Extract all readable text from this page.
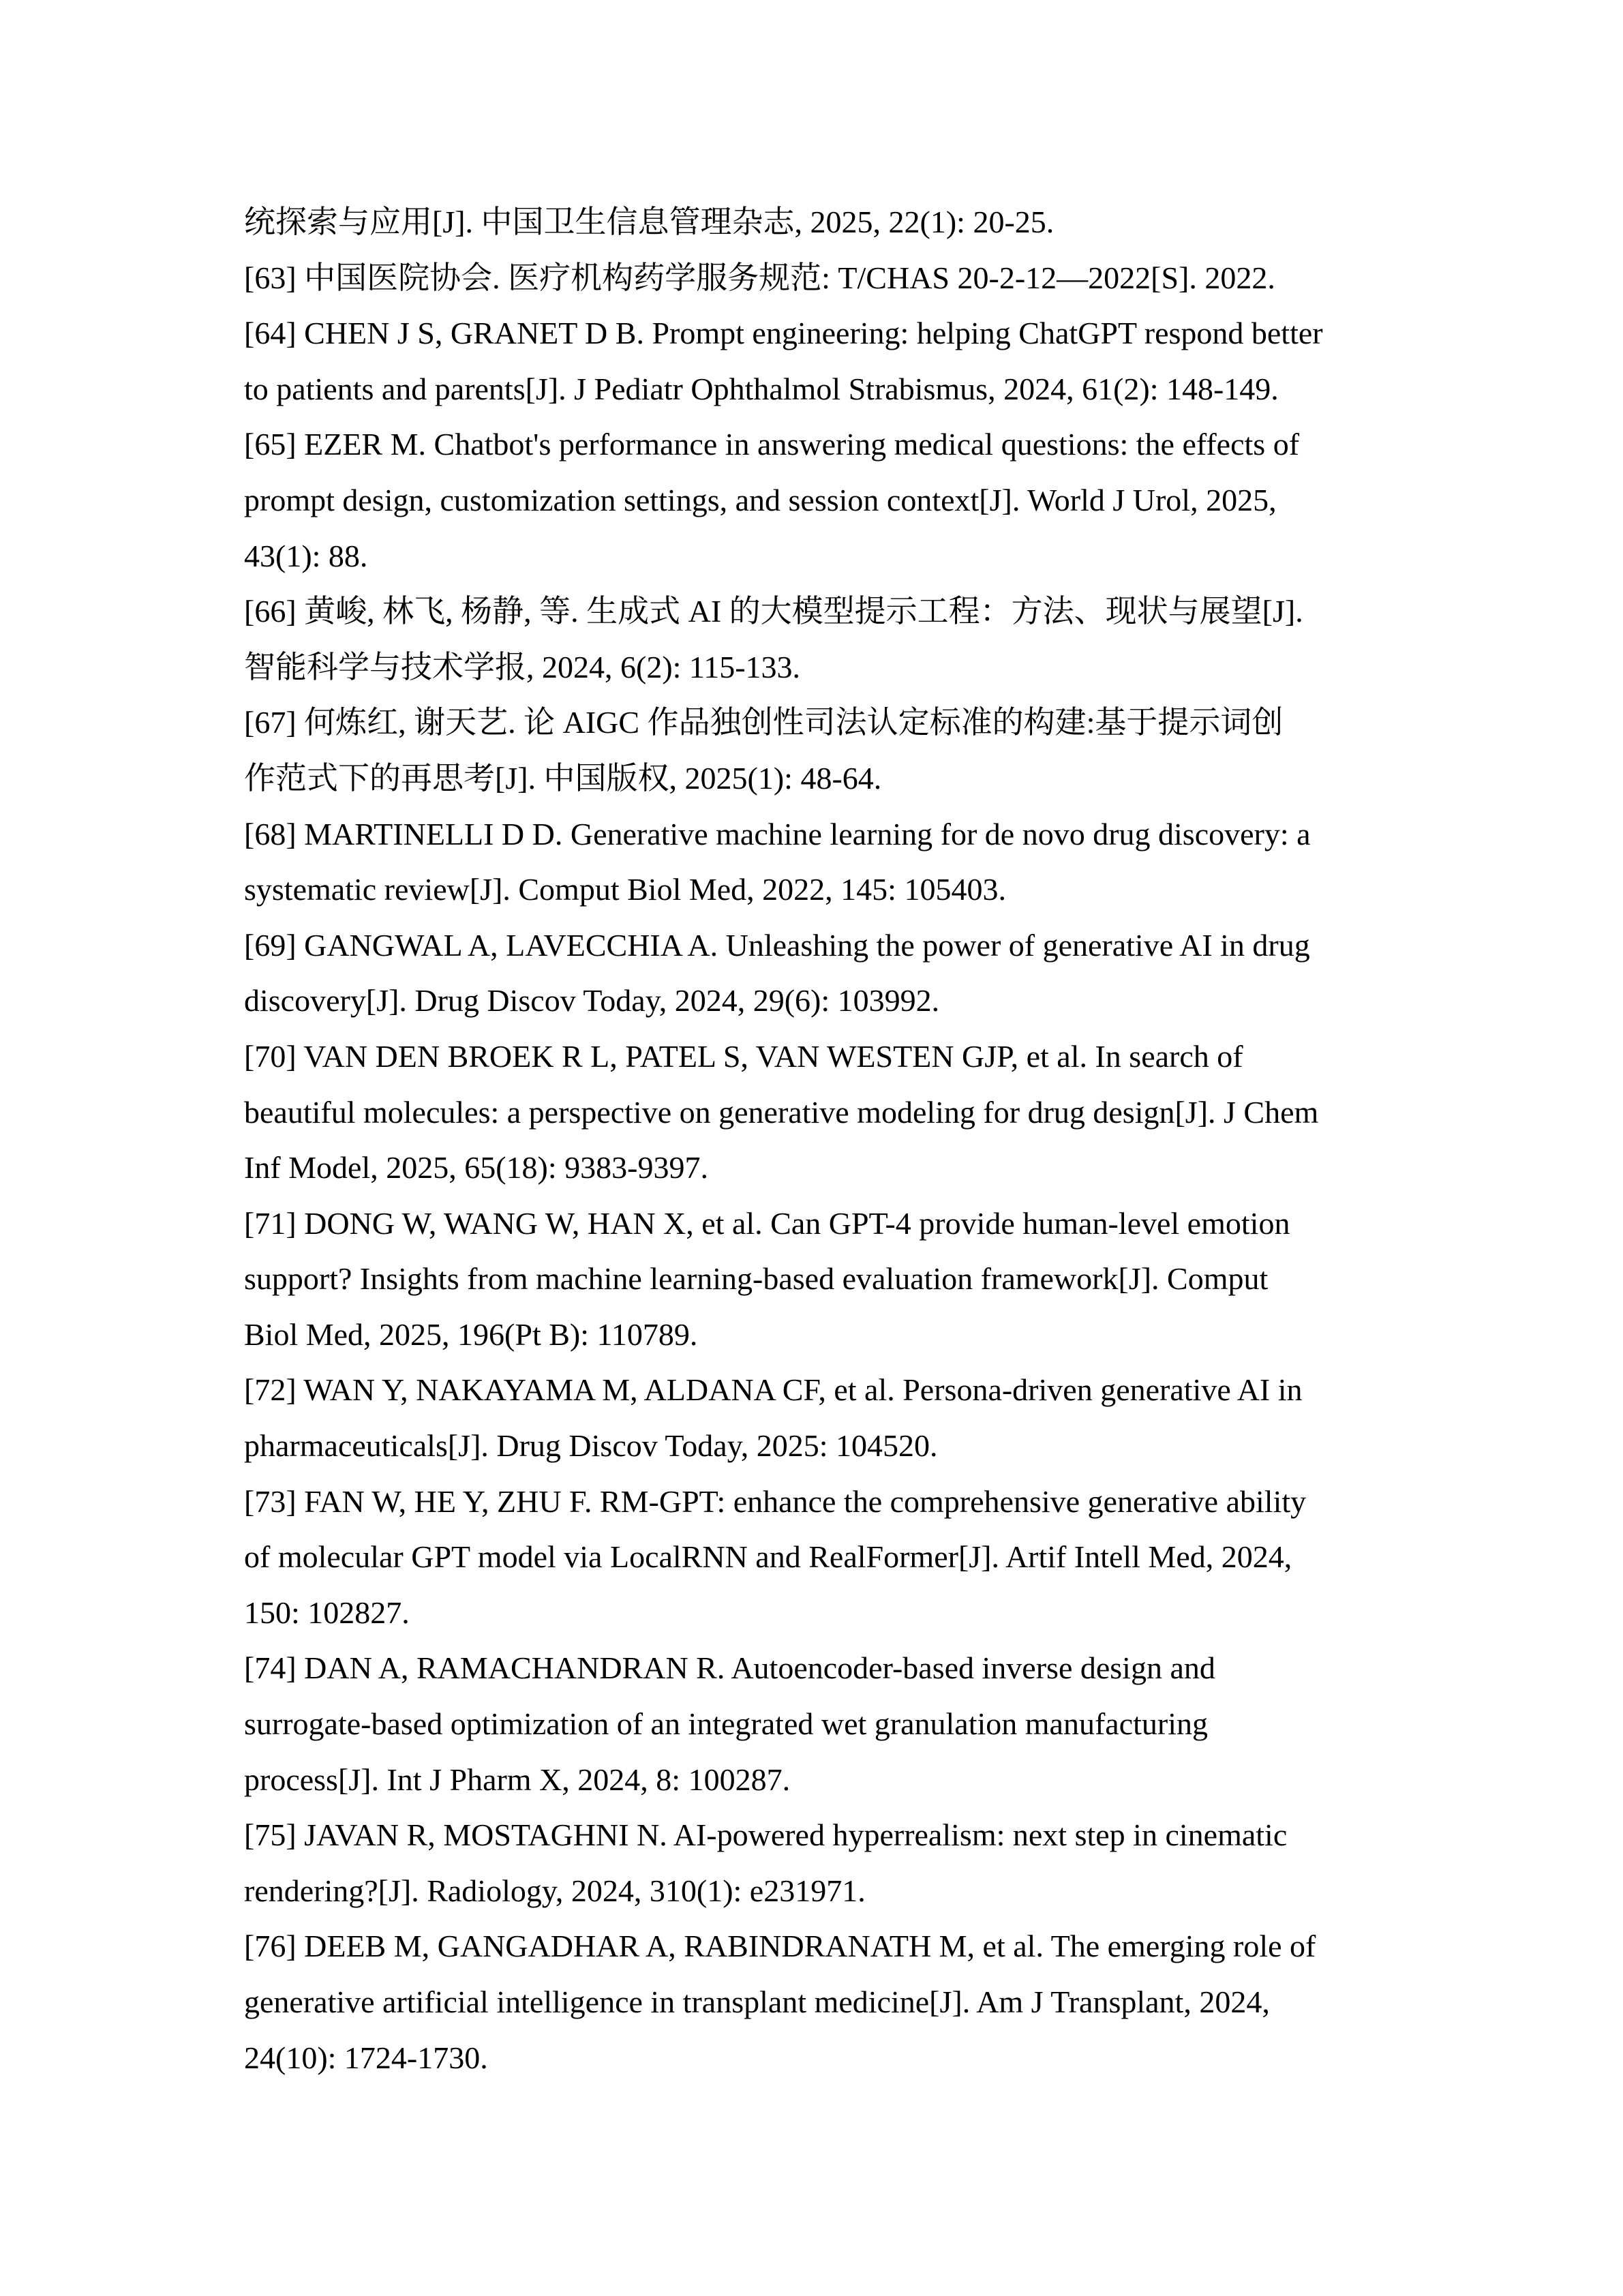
统探索与应用[J]. 中国卫生信息管理杂志, 2025, 22(1): 20-25.
[63] 中国医院协会. 医疗机构药学服务规范: T/CHAS 20-2-12—2022[S]. 2022.
[64] CHEN J S, GRANET D B. Prompt engineering: helping ChatGPT respond better
to patients and parents[J]. J Pediatr Ophthalmol Strabismus, 2024, 61(2): 148-149.
[65] EZER M. Chatbot's performance in answering medical questions: the effects of
prompt design, customization settings, and session context[J]. World J Urol, 2025,
43(1): 88.
[66] 黄峻, 林飞, 杨静, 等. 生成式 AI 的大模型提示工程：方法、现状与展望[J].
智能科学与技术学报, 2024, 6(2): 115-133.
[67] 何炼红, 谢天艺. 论 AIGC 作品独创性司法认定标准的构建:基于提示词创
作范式下的再思考[J]. 中国版权, 2025(1): 48-64.
[68] MARTINELLI D D. Generative machine learning for de novo drug discovery: a
systematic review[J]. Comput Biol Med, 2022, 145: 105403.
[69] GANGWAL A, LAVECCHIA A. Unleashing the power of generative AI in drug
discovery[J]. Drug Discov Today, 2024, 29(6): 103992.
[70] VAN DEN BROEK R L, PATEL S, VAN WESTEN GJP, et al. In search of
beautiful molecules: a perspective on generative modeling for drug design[J]. J Chem
Inf Model, 2025, 65(18): 9383-9397.
[71] DONG W, WANG W, HAN X, et al. Can GPT-4 provide human-level emotion
support? Insights from machine learning-based evaluation framework[J]. Comput
Biol Med, 2025, 196(Pt B): 110789.
[72] WAN Y, NAKAYAMA M, ALDANA CF, et al. Persona-driven generative AI in
pharmaceuticals[J]. Drug Discov Today, 2025: 104520.
[73] FAN W, HE Y, ZHU F. RM-GPT: enhance the comprehensive generative ability
of molecular GPT model via LocalRNN and RealFormer[J]. Artif Intell Med, 2024,
150: 102827.
[74] DAN A, RAMACHANDRAN R. Autoencoder-based inverse design and
surrogate-based optimization of an integrated wet granulation manufacturing
process[J]. Int J Pharm X, 2024, 8: 100287.
[75] JAVAN R, MOSTAGHNI N. AI-powered hyperrealism: next step in cinematic
rendering?[J]. Radiology, 2024, 310(1): e231971.
[76] DEEB M, GANGADHAR A, RABINDRANATH M, et al. The emerging role of
generative artificial intelligence in transplant medicine[J]. Am J Transplant, 2024,
24(10): 1724-1730.
